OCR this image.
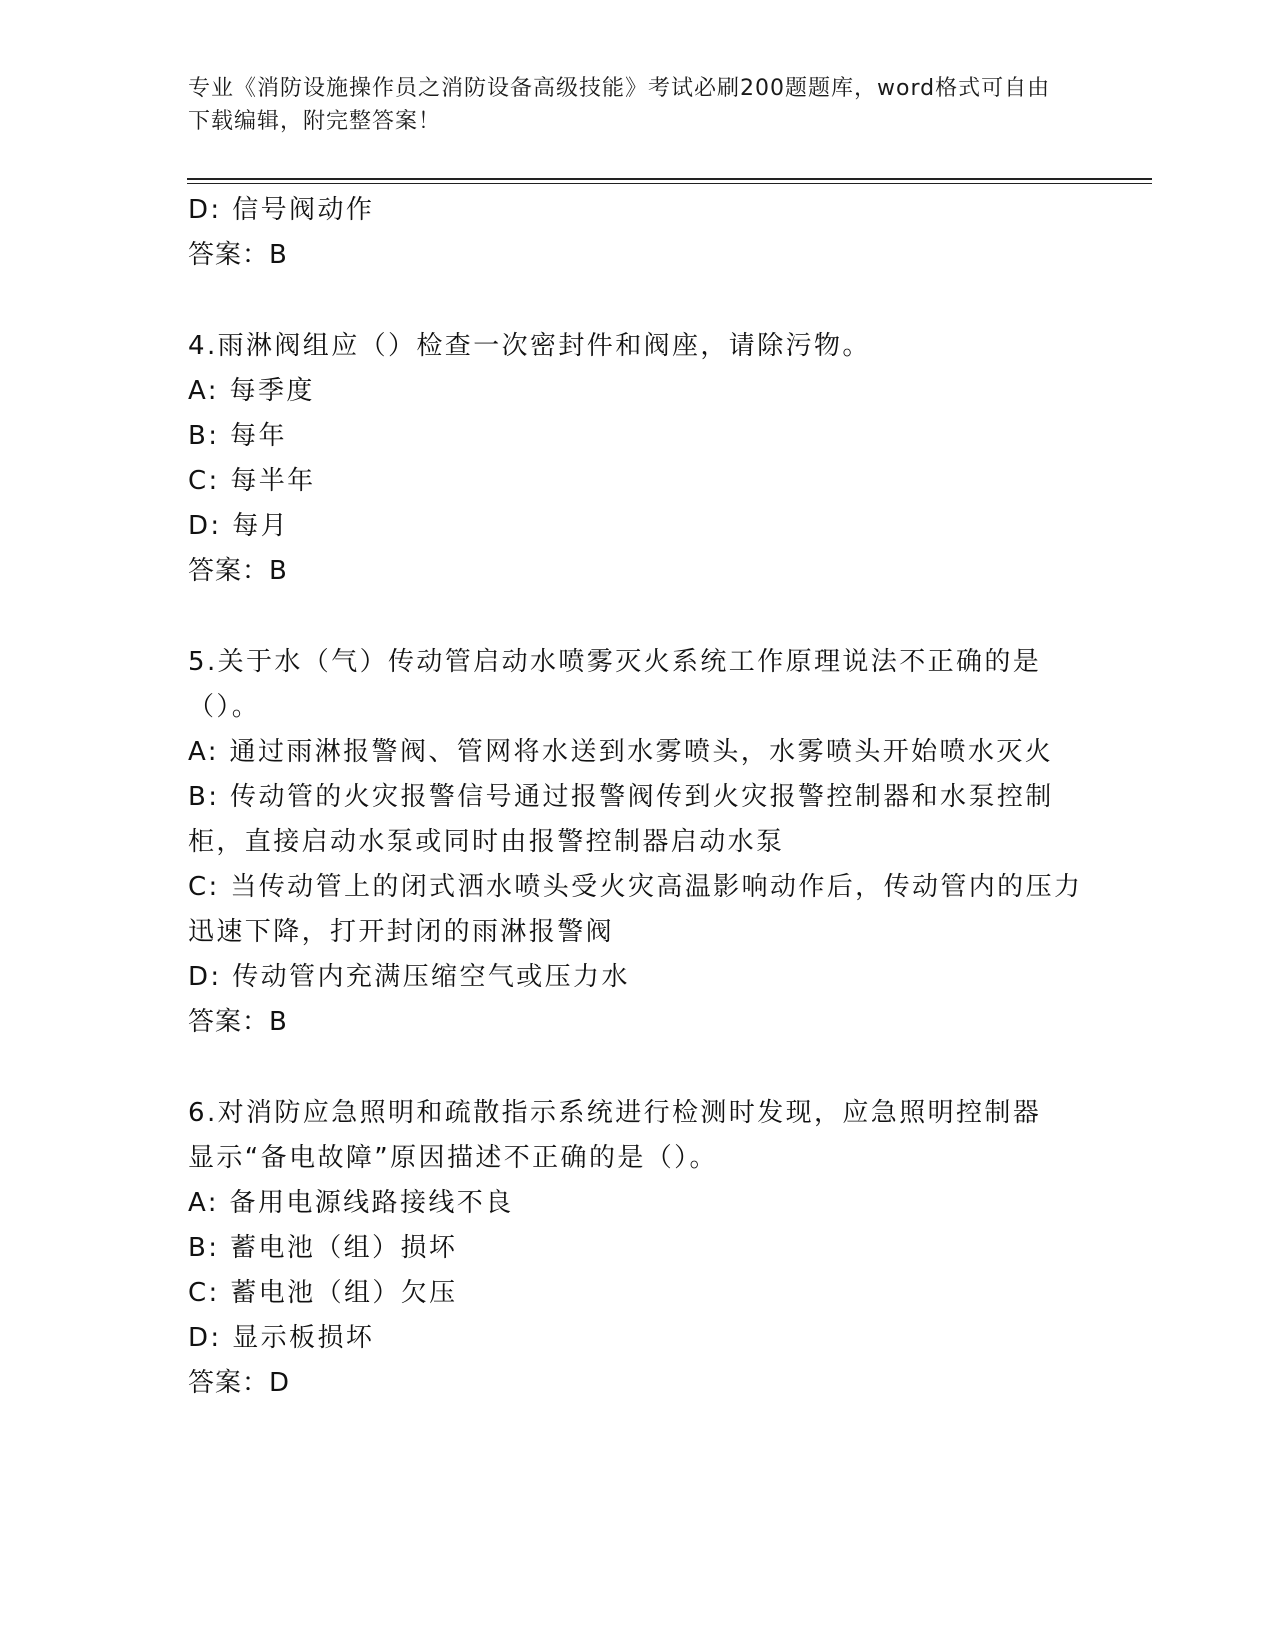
专业《消防设施操作员之消防设备高级技能》考试必刷200题题库，word格式可自由下载编辑，附完整答案！
D: 信号阀动作
答案：B
4.雨淋阀组应（）检查一次密封件和阀座，请除污物。
A: 每季度
B: 每年
C: 每半年
D: 每月
答案：B
5.关于水（气）传动管启动水喷雾灭火系统工作原理说法不正确的是（）。
A: 通过雨淋报警阀、管网将水送到水雾喷头，水雾喷头开始喷水灭火
B: 传动管的火灾报警信号通过报警阀传到火灾报警控制器和水泵控制柜，直接启动水泵或同时由报警控制器启动水泵
C: 当传动管上的闭式洒水喷头受火灾高温影响动作后，传动管内的压力迅速下降，打开封闭的雨淋报警阀
D: 传动管内充满压缩空气或压力水
答案：B
6.对消防应急照明和疏散指示系统进行检测时发现，应急照明控制器显示“备电故障”原因描述不正确的是（）。
A: 备用电源线路接线不良
B: 蓄电池（组）损坏
C: 蓄电池（组）欠压
D: 显示板损坏
答案：D
